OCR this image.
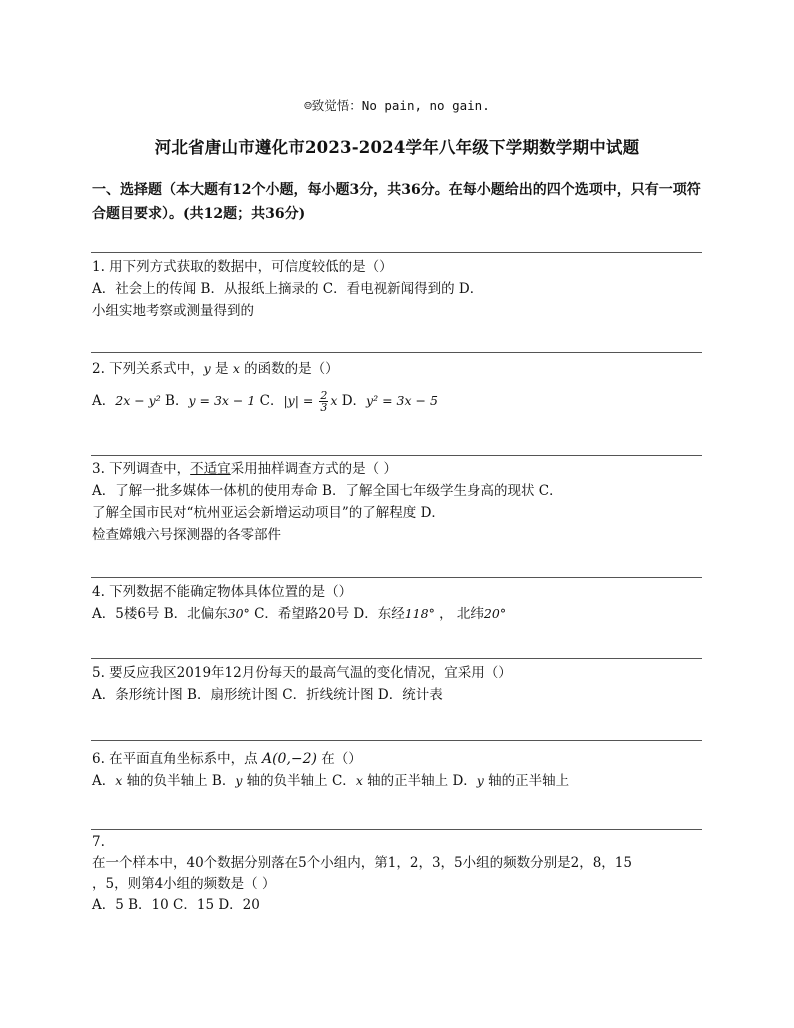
☺致觉悟：No pain, no gain.
河北省唐山市遵化市2023-2024学年八年级下学期数学期中试题
一、选择题（本大题有12个小题，每小题3分，共36分。在每小题给出的四个选项中，只有一项符合题目要求）。(共12题；共36分)
1. 用下列方式获取的数据中，可信度较低的是（）
A．社会上的传闻 B．从报纸上摘录的 C．看电视新闻得到的 D．
小组实地考察或测量得到的
2. 下列关系式中，y 是 x 的函数的是（）
A．2x − y² B．y = 3x − 1 C．$|y| = \frac{2}{3}$ x D．y² = 3x − 5
3. 下列调查中，不适宜采用抽样调查方式的是（ ）
A．了解一批多媒体一体机的使用寿命 B．了解全国七年级学生身高的现状 C．
了解全国市民对“杭州亚运会新增运动项目”的了解程度 D．
检查嫦娥六号探测器的各零部件
4. 下列数据不能确定物体具体位置的是（）
A．5楼6号 B．北偏东30° C．希望路20号 D．东经118° ， 北纬20°
5. 要反应我区2019年12月份每天的最高气温的变化情况，宜采用（）
A．条形统计图 B．扇形统计图 C．折线统计图 D．统计表
6. 在平面直角坐标系中，点 A(0,−2) 在（）
A．x 轴的负半轴上 B．y 轴的负半轴上 C．x 轴的正半轴上 D．y 轴的正半轴上
7.
在一个样本中，40个数据分别落在5个小组内，第1，2，3，5小组的频数分别是2，8，15
，5，则第4小组的频数是（ ）
A．5 B．10 C．15 D．20
